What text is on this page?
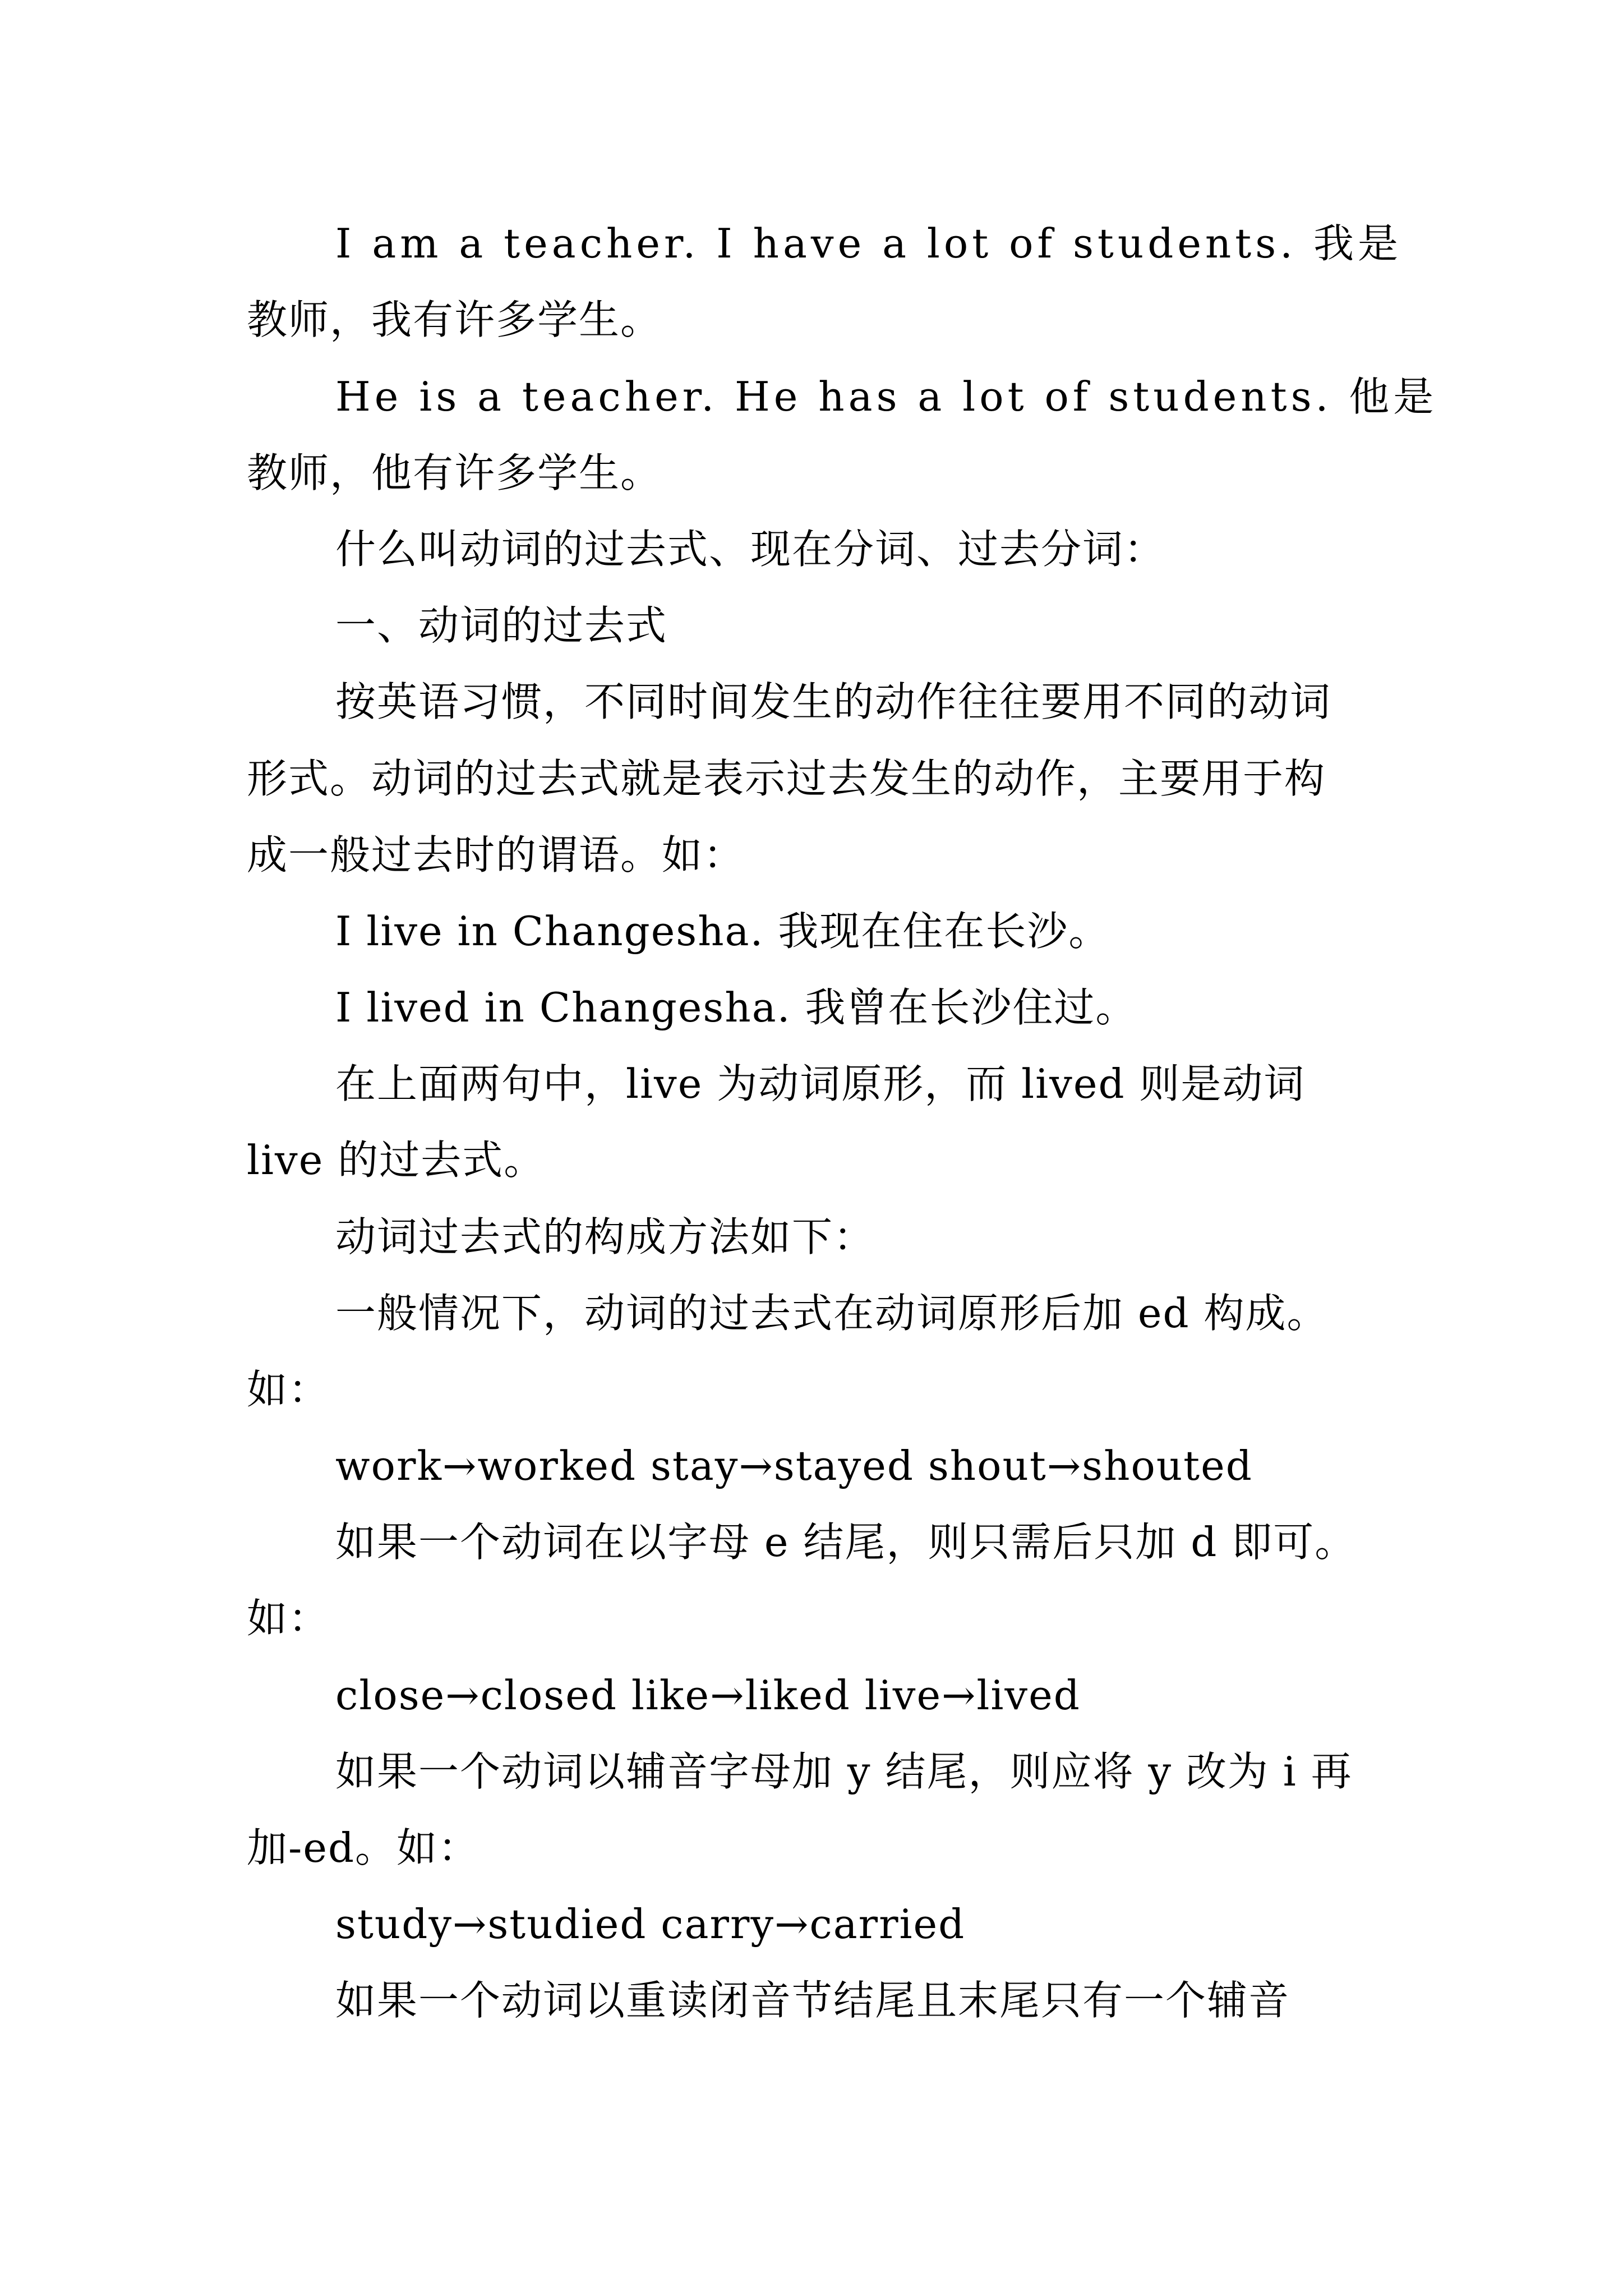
I am a teacher. I have a lot of students. 我是
教师，我有许多学生。
He is a teacher. He has a lot of students. 他是
教师，他有许多学生。
什么叫动词的过去式、现在分词、过去分词：
一、动词的过去式
按英语习惯，不同时间发生的动作往往要用不同的动词
形式。动词的过去式就是表示过去发生的动作，主要用于构
成一般过去时的谓语。如：
I live in Changesha. 我现在住在长沙。
I lived in Changesha. 我曾在长沙住过。
在上面两句中，live 为动词原形，而 lived 则是动词
live 的过去式。
动词过去式的构成方法如下：
一般情况下，动词的过去式在动词原形后加 ed 构成。
如：
work→worked stay→stayed shout→shouted
如果一个动词在以字母 e 结尾，则只需后只加 d 即可。
如：
close→closed like→liked live→lived
如果一个动词以辅音字母加 y 结尾，则应将 y 改为 i 再
加-ed。如：
study→studied carry→carried
如果一个动词以重读闭音节结尾且末尾只有一个辅音
